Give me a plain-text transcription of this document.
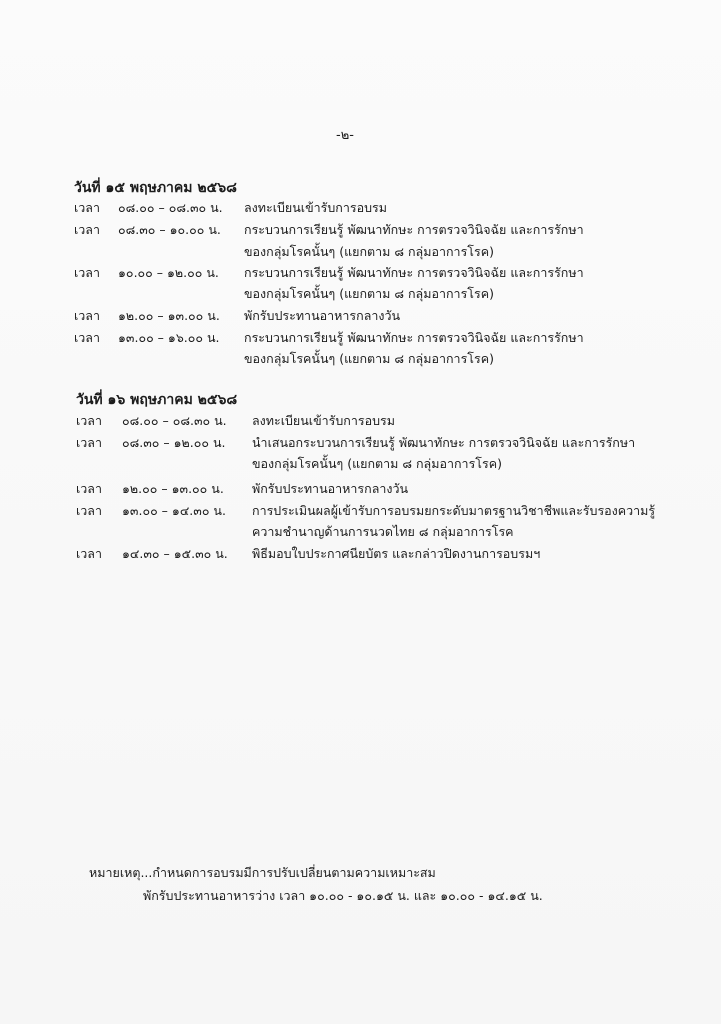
-๒-
วันที่ ๑๕ พฤษภาคม ๒๕๖๘
เวลา ๐๘.๐๐ – ๐๘.๓๐ น. ลงทะเบียนเข้ารับการอบรม
เวลา ๐๘.๓๐ – ๑๐.๐๐ น. กระบวนการเรียนรู้ พัฒนาทักษะ การตรวจวินิจฉัย และการรักษา
ของกลุ่มโรคนั้นๆ (แยกตาม ๘ กลุ่มอาการโรค)
เวลา ๑๐.๐๐ – ๑๒.๐๐ น. กระบวนการเรียนรู้ พัฒนาทักษะ การตรวจวินิจฉัย และการรักษา
ของกลุ่มโรคนั้นๆ (แยกตาม ๘ กลุ่มอาการโรค)
เวลา ๑๒.๐๐ – ๑๓.๐๐ น. พักรับประทานอาหารกลางวัน
เวลา ๑๓.๐๐ – ๑๖.๐๐ น. กระบวนการเรียนรู้ พัฒนาทักษะ การตรวจวินิจฉัย และการรักษา
ของกลุ่มโรคนั้นๆ (แยกตาม ๘ กลุ่มอาการโรค)
วันที่ ๑๖ พฤษภาคม ๒๕๖๘
เวลา ๐๘.๐๐ – ๐๘.๓๐ น. ลงทะเบียนเข้ารับการอบรม
เวลา ๐๘.๓๐ – ๑๒.๐๐ น. นำเสนอกระบวนการเรียนรู้ พัฒนาทักษะ การตรวจวินิจฉัย และการรักษา
ของกลุ่มโรคนั้นๆ (แยกตาม ๘ กลุ่มอาการโรค)
เวลา ๑๒.๐๐ – ๑๓.๐๐ น. พักรับประทานอาหารกลางวัน
เวลา ๑๓.๐๐ – ๑๔.๓๐ น. การประเมินผลผู้เข้ารับการอบรมยกระดับมาตรฐานวิชาชีพและรับรองความรู้
ความชำนาญด้านการนวดไทย ๘ กลุ่มอาการโรค
เวลา ๑๔.๓๐ – ๑๕.๓๐ น. พิธีมอบใบประกาศนียบัตร และกล่าวปิดงานการอบรมฯ
หมายเหตุ...กำหนดการอบรมมีการปรับเปลี่ยนตามความเหมาะสม
พักรับประทานอาหารว่าง เวลา ๑๐.๐๐ - ๑๐.๑๕ น. และ ๑๐.๐๐ - ๑๔.๑๕ น.
